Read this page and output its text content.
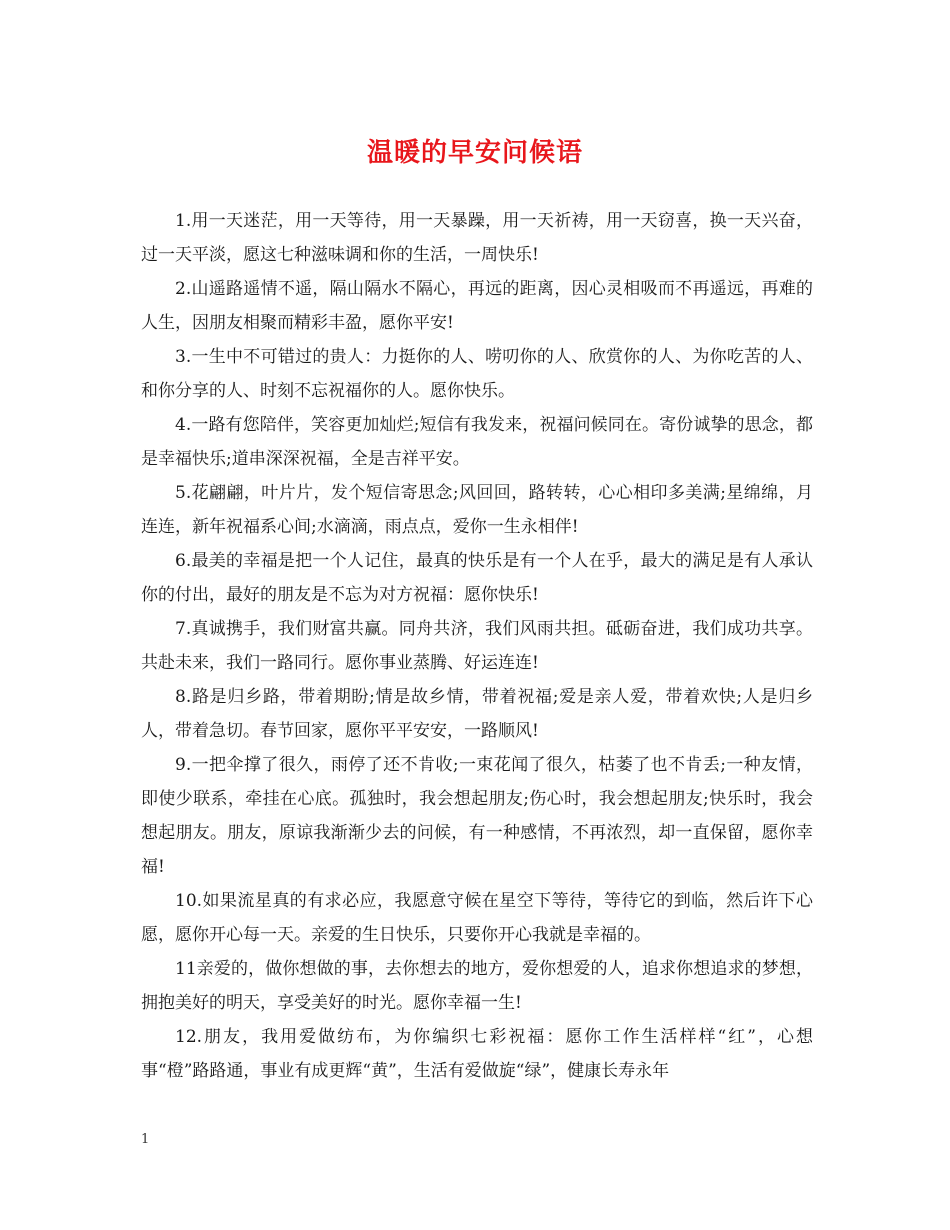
温暖的早安问候语

1.用一天迷茫，用一天等待，用一天暴躁，用一天祈祷，用一天窃喜，换一天兴奋，过一天平淡，愿这七种滋味调和你的生活，一周快乐!

2.山遥路遥情不遥，隔山隔水不隔心，再远的距离，因心灵相吸而不再遥远，再难的人生，因朋友相聚而精彩丰盈，愿你平安!

3.一生中不可错过的贵人：力挺你的人、唠叨你的人、欣赏你的人、为你吃苦的人、和你分享的人、时刻不忘祝福你的人。愿你快乐。

4.一路有您陪伴，笑容更加灿烂;短信有我发来，祝福问候同在。寄份诚挚的思念，都是幸福快乐;道串深深祝福，全是吉祥平安。

5.花翩翩，叶片片，发个短信寄思念;风回回，路转转，心心相印多美满;星绵绵，月连连，新年祝福系心间;水滴滴，雨点点，爱你一生永相伴!

6.最美的幸福是把一个人记住，最真的快乐是有一个人在乎，最大的满足是有人承认你的付出，最好的朋友是不忘为对方祝福：愿你快乐!

7.真诚携手，我们财富共赢。同舟共济，我们风雨共担。砥砺奋进，我们成功共享。共赴未来，我们一路同行。愿你事业蒸腾、好运连连!

8.路是归乡路，带着期盼;情是故乡情，带着祝福;爱是亲人爱，带着欢快;人是归乡人，带着急切。春节回家，愿你平平安安，一路顺风!

9.一把伞撑了很久，雨停了还不肯收;一束花闻了很久，枯萎了也不肯丢;一种友情，即使少联系，牵挂在心底。孤独时，我会想起朋友;伤心时，我会想起朋友;快乐时，我会想起朋友。朋友，原谅我渐渐少去的问候，有一种感情，不再浓烈，却一直保留，愿你幸福!

10.如果流星真的有求必应，我愿意守候在星空下等待，等待它的到临，然后许下心愿，愿你开心每一天。亲爱的生日快乐，只要你开心我就是幸福的。

11亲爱的，做你想做的事，去你想去的地方，爱你想爱的人，追求你想追求的梦想，拥抱美好的明天，享受美好的时光。愿你幸福一生!

12.朋友，我用爱做纺布，为你编织七彩祝福：愿你工作生活样样“红”，心想事“橙”路路通，事业有成更辉“黄”，生活有爱做旋“绿”，健康长寿永年

1
